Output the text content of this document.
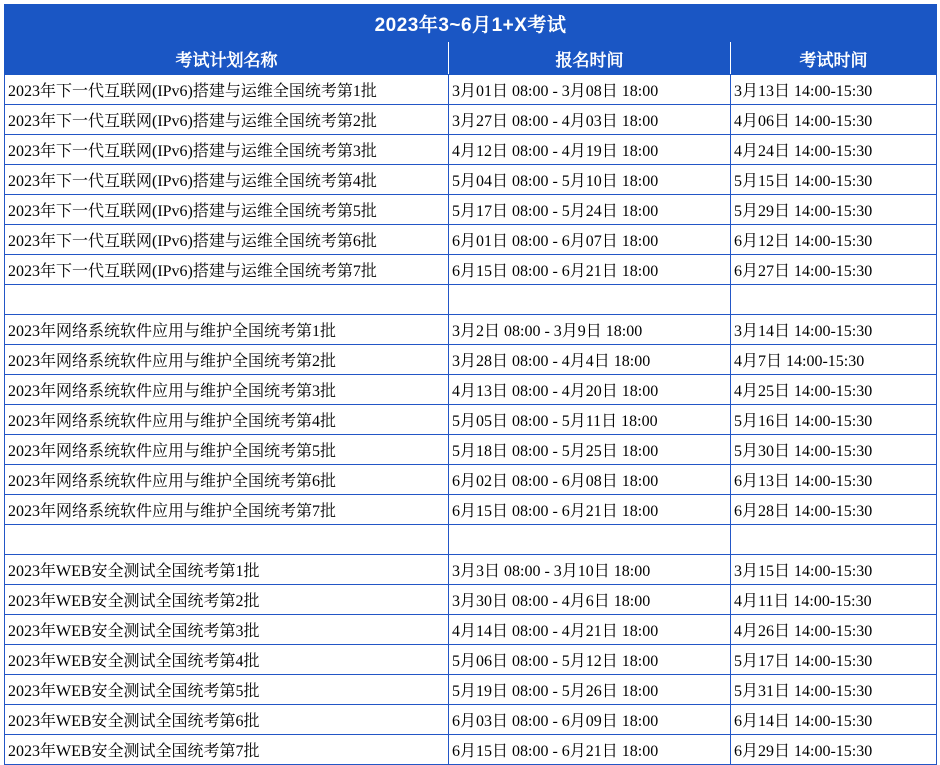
2023年3~6月1+X考试		
考试计划名称	报名时间	考试时间
2023年下一代互联网(IPv6)搭建与运维全国统考第1批	3月01日 08:00 - 3月08日 18:00	3月13日 14:00-15:30
2023年下一代互联网(IPv6)搭建与运维全国统考第2批	3月27日 08:00 - 4月03日 18:00	4月06日 14:00-15:30
2023年下一代互联网(IPv6)搭建与运维全国统考第3批	4月12日 08:00 - 4月19日 18:00	4月24日 14:00-15:30
2023年下一代互联网(IPv6)搭建与运维全国统考第4批	5月04日 08:00 - 5月10日 18:00	5月15日 14:00-15:30
2023年下一代互联网(IPv6)搭建与运维全国统考第5批	5月17日 08:00 - 5月24日 18:00	5月29日 14:00-15:30
2023年下一代互联网(IPv6)搭建与运维全国统考第6批	6月01日 08:00 - 6月07日 18:00	6月12日 14:00-15:30
2023年下一代互联网(IPv6)搭建与运维全国统考第7批	6月15日 08:00 - 6月21日 18:00	6月27日 14:00-15:30

2023年网络系统软件应用与维护全国统考第1批	3月2日 08:00 - 3月9日 18:00	3月14日 14:00-15:30
2023年网络系统软件应用与维护全国统考第2批	3月28日 08:00 - 4月4日 18:00	4月7日 14:00-15:30
2023年网络系统软件应用与维护全国统考第3批	4月13日 08:00 - 4月20日 18:00	4月25日 14:00-15:30
2023年网络系统软件应用与维护全国统考第4批	5月05日 08:00 - 5月11日 18:00	5月16日 14:00-15:30
2023年网络系统软件应用与维护全国统考第5批	5月18日 08:00 - 5月25日 18:00	5月30日 14:00-15:30
2023年网络系统软件应用与维护全国统考第6批	6月02日 08:00 - 6月08日 18:00	6月13日 14:00-15:30
2023年网络系统软件应用与维护全国统考第7批	6月15日 08:00 - 6月21日 18:00	6月28日 14:00-15:30

2023年WEB安全测试全国统考第1批	3月3日 08:00 - 3月10日 18:00	3月15日 14:00-15:30
2023年WEB安全测试全国统考第2批	3月30日 08:00 - 4月6日 18:00	4月11日 14:00-15:30
2023年WEB安全测试全国统考第3批	4月14日 08:00 - 4月21日 18:00	4月26日 14:00-15:30
2023年WEB安全测试全国统考第4批	5月06日 08:00 - 5月12日 18:00	5月17日 14:00-15:30
2023年WEB安全测试全国统考第5批	5月19日 08:00 - 5月26日 18:00	5月31日 14:00-15:30
2023年WEB安全测试全国统考第6批	6月03日 08:00 - 6月09日 18:00	6月14日 14:00-15:30
2023年WEB安全测试全国统考第7批	6月15日 08:00 - 6月21日 18:00	6月29日 14:00-15:30
